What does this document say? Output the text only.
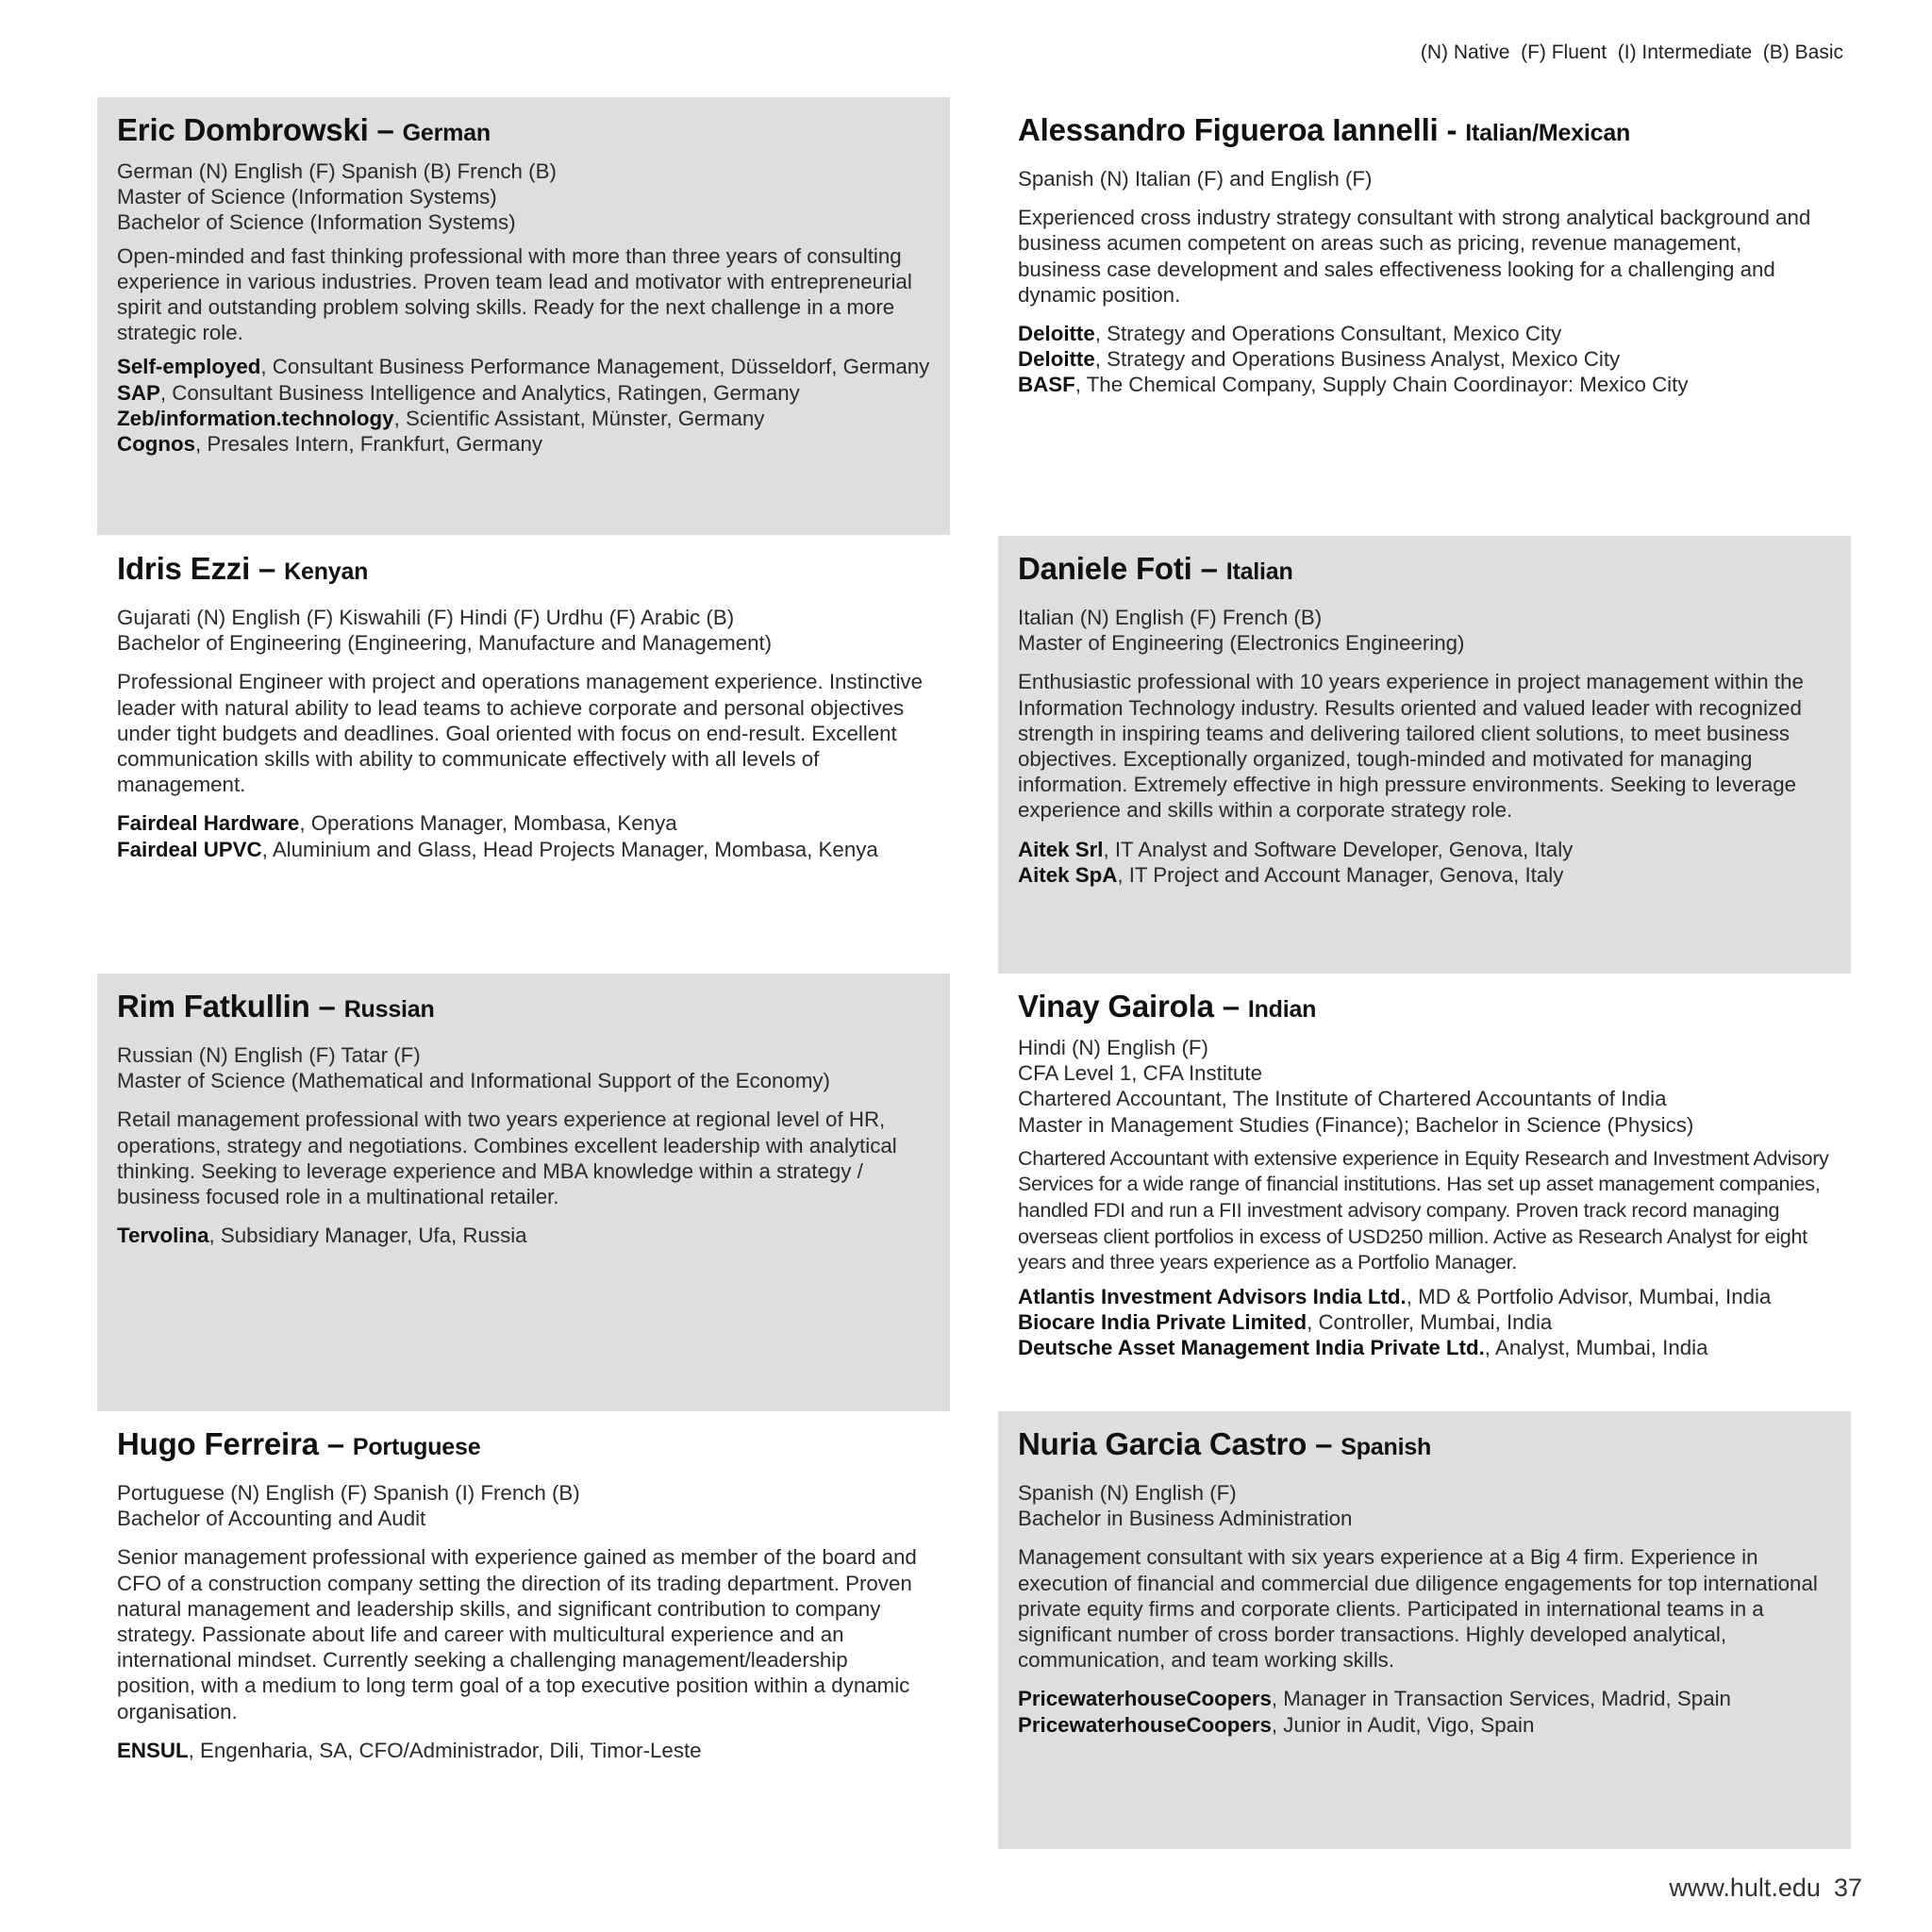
(N) Native  (F) Fluent  (I) Intermediate  (B) Basic
Eric Dombrowski – German
German (N) English (F) Spanish (B) French (B)
Master of Science (Information Systems)
Bachelor of Science (Information Systems)

Open-minded and fast thinking professional with more than three years of consulting experience in various industries. Proven team lead and motivator with entrepreneurial spirit and outstanding problem solving skills. Ready for the next challenge in a more strategic role.

Self-employed, Consultant Business Performance Management, Düsseldorf, Germany
SAP, Consultant Business Intelligence and Analytics, Ratingen, Germany
Zeb/information.technology, Scientific Assistant, Münster, Germany
Cognos, Presales Intern, Frankfurt, Germany
Alessandro Figueroa Iannelli - Italian/Mexican
Spanish (N) Italian (F) and English (F)

Experienced cross industry strategy consultant with strong analytical background and business acumen competent on areas such as pricing, revenue management, business case development and sales effectiveness looking for a challenging and dynamic position.

Deloitte, Strategy and Operations Consultant, Mexico City
Deloitte, Strategy and Operations Business Analyst, Mexico City
BASF, The Chemical Company, Supply Chain Coordinayor: Mexico City
Idris Ezzi – Kenyan
Gujarati (N) English (F) Kiswahili (F) Hindi (F) Urdhu (F) Arabic (B)
Bachelor of Engineering (Engineering, Manufacture and Management)

Professional Engineer with project and operations management experience. Instinctive leader with natural ability to lead teams to achieve corporate and personal objectives under tight budgets and deadlines. Goal oriented with focus on end-result. Excellent communication skills with ability to communicate effectively with all levels of management.

Fairdeal Hardware, Operations Manager, Mombasa, Kenya
Fairdeal UPVC, Aluminium and Glass, Head Projects Manager, Mombasa, Kenya
Daniele Foti – Italian
Italian (N) English (F) French (B)
Master of Engineering (Electronics Engineering)

Enthusiastic professional with 10 years experience in project management within the Information Technology industry. Results oriented and valued leader with recognized strength in inspiring teams and delivering tailored client solutions, to meet business objectives. Exceptionally organized, tough-minded and motivated for managing information. Extremely effective in high pressure environments. Seeking to leverage experience and skills within a corporate strategy role.

Aitek Srl, IT Analyst and Software Developer, Genova, Italy
Aitek SpA, IT Project and Account Manager, Genova, Italy
Rim Fatkullin – Russian
Russian (N) English (F) Tatar (F)
Master of Science (Mathematical and Informational Support of the Economy)

Retail management professional with two years experience at regional level of HR, operations, strategy and negotiations. Combines excellent leadership with analytical thinking. Seeking to leverage experience and MBA knowledge within a strategy / business focused role in a multinational retailer.

Tervolina, Subsidiary Manager, Ufa, Russia
Vinay Gairola – Indian
Hindi (N) English (F)
CFA Level 1, CFA Institute
Chartered Accountant, The Institute of Chartered Accountants of India
Master in Management Studies (Finance); Bachelor in Science (Physics)

Chartered Accountant with extensive experience in Equity Research and Investment Advisory Services for a wide range of financial institutions. Has set up asset management companies, handled FDI and run a FII investment advisory company. Proven track record managing overseas client portfolios in excess of USD250 million. Active as Research Analyst for eight years and three years experience as a Portfolio Manager.

Atlantis Investment Advisors India Ltd., MD & Portfolio Advisor, Mumbai, India
Biocare India Private Limited, Controller, Mumbai, India
Deutsche Asset Management India Private Ltd., Analyst, Mumbai, India
Hugo Ferreira – Portuguese
Portuguese (N) English (F) Spanish (I) French (B)
Bachelor of Accounting and Audit

Senior management professional with experience gained as member of the board and CFO of a construction company setting the direction of its trading department. Proven natural management and leadership skills, and significant contribution to company strategy. Passionate about life and career with multicultural experience and an international mindset. Currently seeking a challenging management/leadership position, with a medium to long term goal of a top executive position within a dynamic organisation.

ENSUL, Engenharia, SA, CFO/Administrador, Dili, Timor-Leste
Nuria Garcia Castro – Spanish
Spanish (N) English (F)
Bachelor in Business Administration

Management consultant with six years experience at a Big 4 firm. Experience in execution of financial and commercial due diligence engagements for top international private equity firms and corporate clients. Participated in international teams in a significant number of cross border transactions. Highly developed analytical, communication, and team working skills.

PricewaterhouseCoopers, Manager in Transaction Services, Madrid, Spain
PricewaterhouseCoopers, Junior in Audit, Vigo, Spain
www.hult.edu 37
